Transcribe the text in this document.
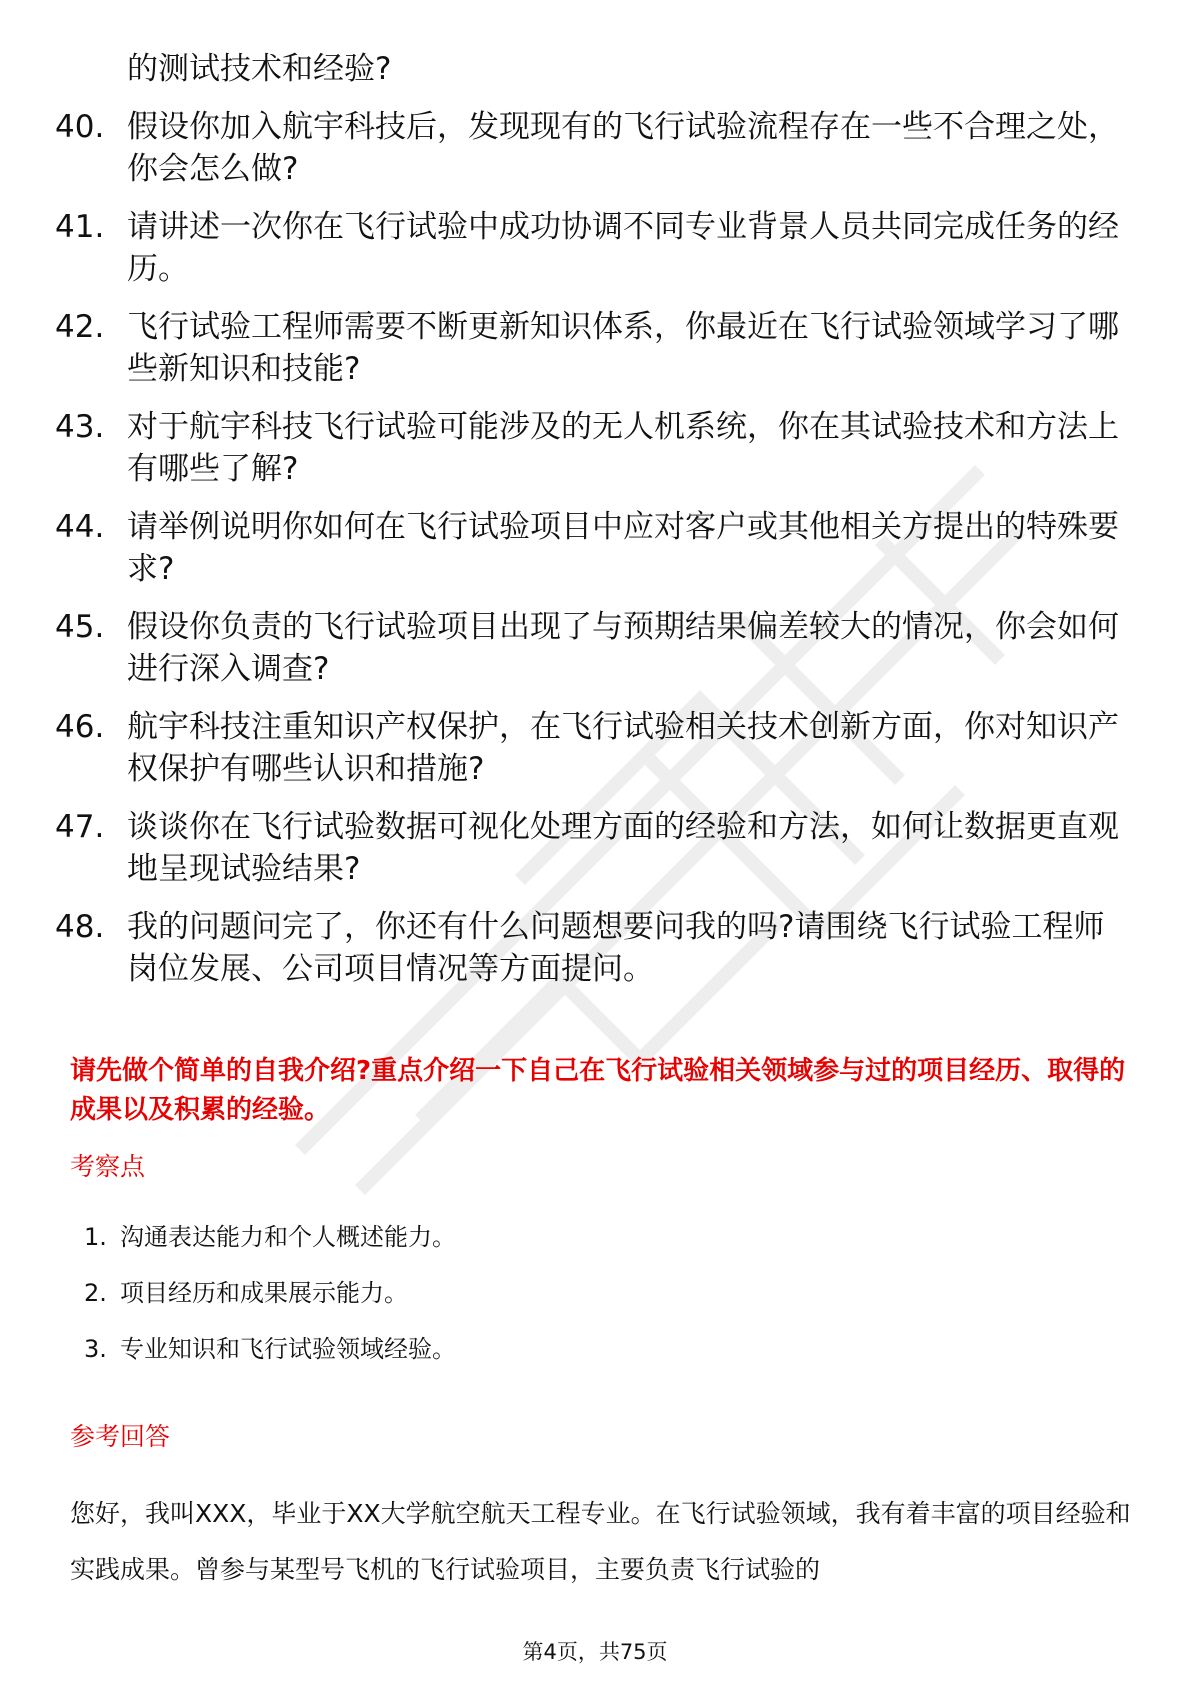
的测试技术和经验?
40. 假设你加入航宇科技后，发现现有的飞行试验流程存在一些不合理之处，你会怎么做?
41. 请讲述一次你在飞行试验中成功协调不同专业背景人员共同完成任务的经历。
42. 飞行试验工程师需要不断更新知识体系，你最近在飞行试验领域学习了哪些新知识和技能?
43. 对于航宇科技飞行试验可能涉及的无人机系统，你在其试验技术和方法上有哪些了解?
44. 请举例说明你如何在飞行试验项目中应对客户或其他相关方提出的特殊要求?
45. 假设你负责的飞行试验项目出现了与预期结果偏差较大的情况，你会如何进行深入调查?
46. 航宇科技注重知识产权保护，在飞行试验相关技术创新方面，你对知识产权保护有哪些认识和措施?
47. 谈谈你在飞行试验数据可视化处理方面的经验和方法，如何让数据更直观地呈现试验结果?
48. 我的问题问完了，你还有什么问题想要问我的吗?请围绕飞行试验工程师岗位发展、公司项目情况等方面提问。

请先做个简单的自我介绍?重点介绍一下自己在飞行试验相关领域参与过的项目经历、取得的成果以及积累的经验。

考察点
1. 沟通表达能力和个人概述能力。
2. 项目经历和成果展示能力。
3. 专业知识和飞行试验领域经验。
参考回答

您好，我叫XXX，毕业于XX大学航空航天工程专业。在飞行试验领域，我有着丰富的项目经验和实践成果。曾参与某型号飞机的飞行试验项目，主要负责飞行试验的

第4页，共75页
